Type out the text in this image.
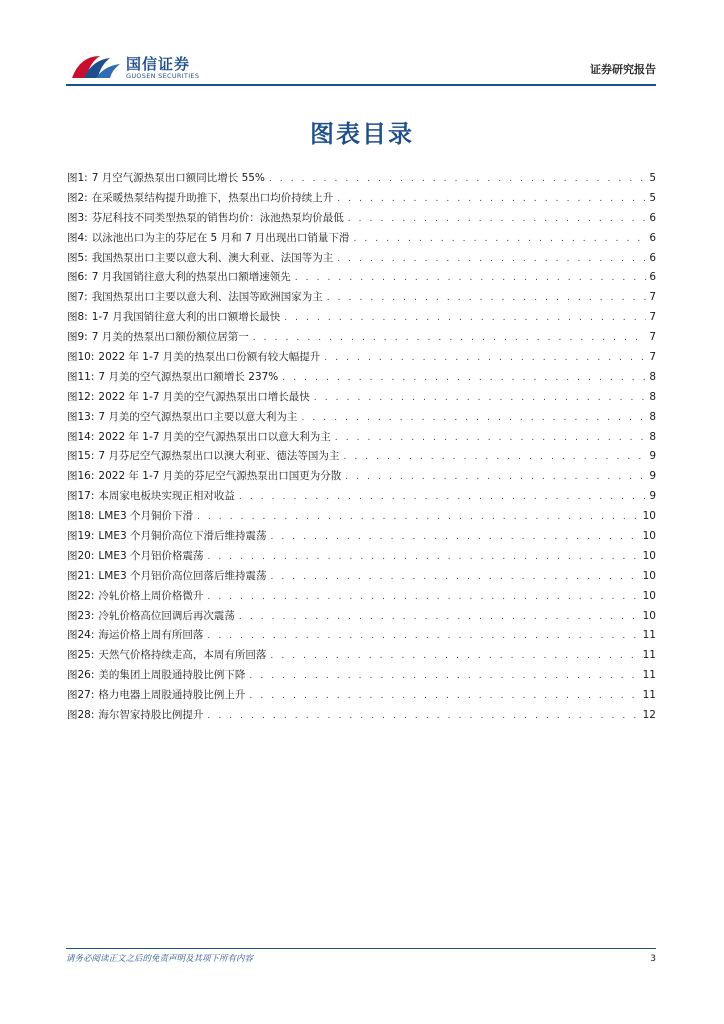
国信证券
GUOSEN SECURITIES	证券研究报告
图表目录
图1: 7 月空气源热泵出口额同比增长 55% . . .	5
图2: 在采暖热泵结构提升助推下，热泵出口均价持续上升 . . .	5
图3: 芬尼科技不同类型热泵的销售均价：泳池热泵均价最低 . . .	6
图4: 以泳池出口为主的芬尼在 5 月和 7 月出现出口销量下滑 . . .	6
图5: 我国热泵出口主要以意大利、澳大利亚、法国等为主 . . .	6
图6: 7 月我国销往意大利的热泵出口额增速领先 . . .	6
图7: 我国热泵出口主要以意大利、法国等欧洲国家为主 . . .	7
图8: 1-7 月我国销往意大利的出口额增长最快 . . .	7
图9: 7 月美的热泵出口额份额位居第一 . . .	7
图10: 2022 年 1-7 月美的热泵出口份额有较大幅提升 . . .	7
图11: 7 月美的空气源热泵出口额增长 237% . . .	8
图12: 2022 年 1-7 月美的空气源热泵出口增长最快 . . .	8
图13: 7 月美的空气源热泵出口主要以意大利为主 . . .	8
图14: 2022 年 1-7 月美的空气源热泵出口以意大利为主 . . .	8
图15: 7 月芬尼空气源热泵出口以澳大利亚、德法等国为主 . . .	9
图16: 2022 年 1-7 月美的芬尼空气源热泵出口国更为分散 . . .	9
图17: 本周家电板块实现正相对收益 . . .	9
图18: LME3 个月铜价下滑 . . .	10
图19: LME3 个月铜价高位下滑后维持震荡 . . .	10
图20: LME3 个月铝价格震荡 . . .	10
图21: LME3 个月铝价高位回落后维持震荡 . . .	10
图22: 冷轧价格上周价格微升 . . .	10
图23: 冷轧价格高位回调后再次震荡 . . .	10
图24: 海运价格上周有所回落 . . .	11
图25: 天然气价格持续走高，本周有所回落 . . .	11
图26: 美的集团上周股通持股比例下降 . . .	11
图27: 格力电器上周股通持股比例上升 . . .	11
图28: 海尔智家持股比例提升 . . .	12
请务必阅读正文之后的免责声明及其项下所有内容	3
